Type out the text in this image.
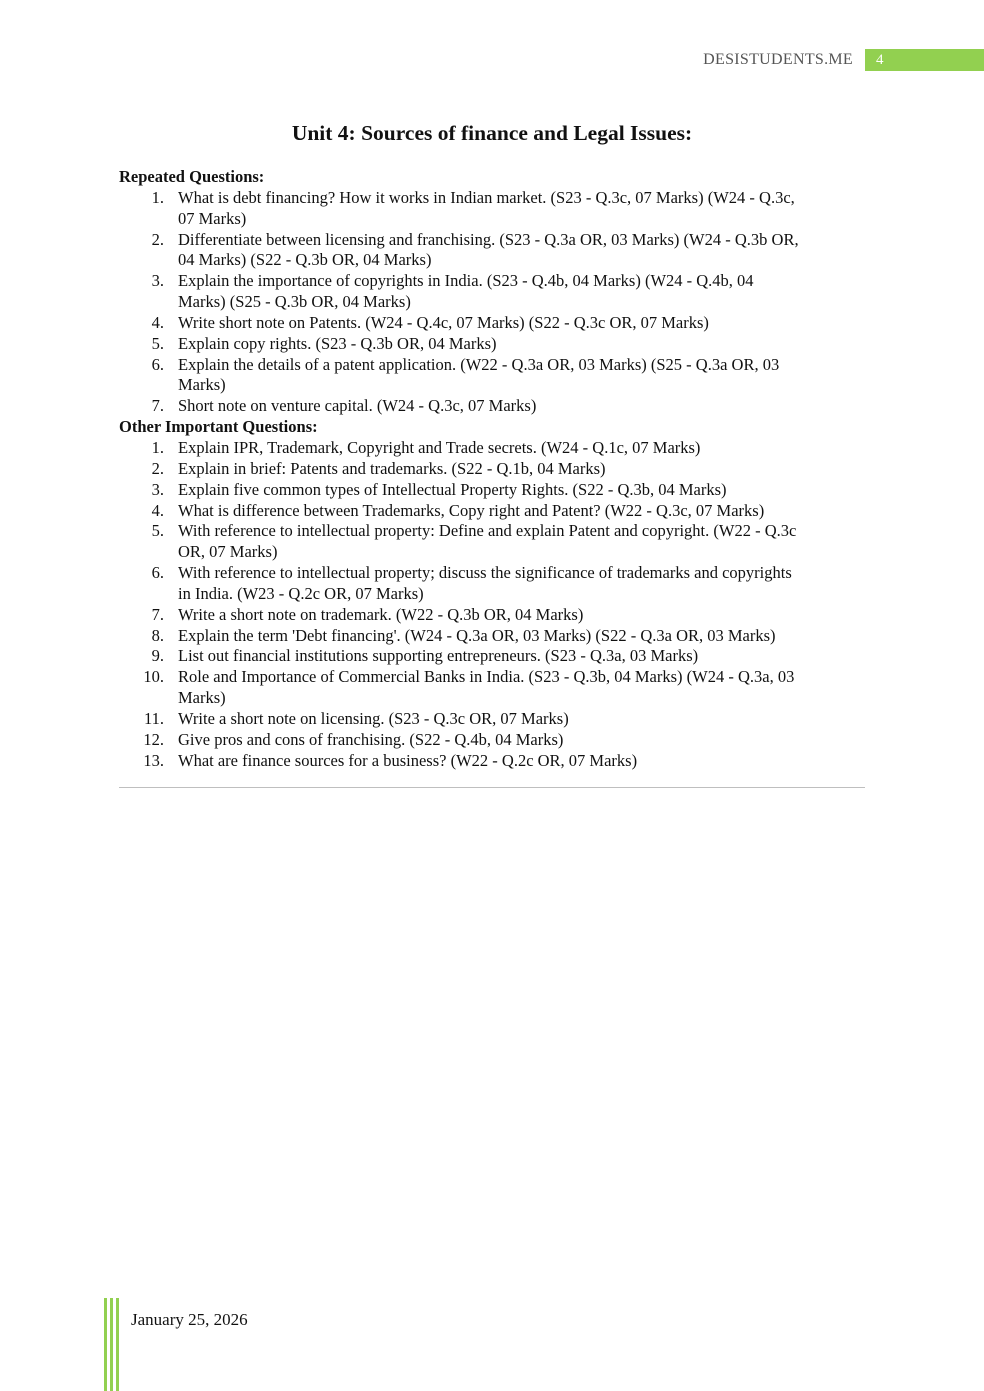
DESISTUDENTS.ME	4
Unit 4: Sources of finance and Legal Issues:
Repeated Questions:
1. What is debt financing? How it works in Indian market. (S23 - Q.3c, 07 Marks) (W24 - Q.3c,
07 Marks)
2. Differentiate between licensing and franchising. (S23 - Q.3a OR, 03 Marks) (W24 - Q.3b OR,
04 Marks) (S22 - Q.3b OR, 04 Marks)
3. Explain the importance of copyrights in India. (S23 - Q.4b, 04 Marks) (W24 - Q.4b, 04
Marks) (S25 - Q.3b OR, 04 Marks)
4. Write short note on Patents. (W24 - Q.4c, 07 Marks) (S22 - Q.3c OR, 07 Marks)
5. Explain copy rights. (S23 - Q.3b OR, 04 Marks)
6. Explain the details of a patent application. (W22 - Q.3a OR, 03 Marks) (S25 - Q.3a OR, 03
Marks)
7. Short note on venture capital. (W24 - Q.3c, 07 Marks)
Other Important Questions:
1. Explain IPR, Trademark, Copyright and Trade secrets. (W24 - Q.1c, 07 Marks)
2. Explain in brief: Patents and trademarks. (S22 - Q.1b, 04 Marks)
3. Explain five common types of Intellectual Property Rights. (S22 - Q.3b, 04 Marks)
4. What is difference between Trademarks, Copy right and Patent? (W22 - Q.3c, 07 Marks)
5. With reference to intellectual property: Define and explain Patent and copyright. (W22 - Q.3c
OR, 07 Marks)
6. With reference to intellectual property; discuss the significance of trademarks and copyrights
in India. (W23 - Q.2c OR, 07 Marks)
7. Write a short note on trademark. (W22 - Q.3b OR, 04 Marks)
8. Explain the term 'Debt financing'. (W24 - Q.3a OR, 03 Marks) (S22 - Q.3a OR, 03 Marks)
9. List out financial institutions supporting entrepreneurs. (S23 - Q.3a, 03 Marks)
10. Role and Importance of Commercial Banks in India. (S23 - Q.3b, 04 Marks) (W24 - Q.3a, 03
Marks)
11. Write a short note on licensing. (S23 - Q.3c OR, 07 Marks)
12. Give pros and cons of franchising. (S22 - Q.4b, 04 Marks)
13. What are finance sources for a business? (W22 - Q.2c OR, 07 Marks)
January 25, 2026
